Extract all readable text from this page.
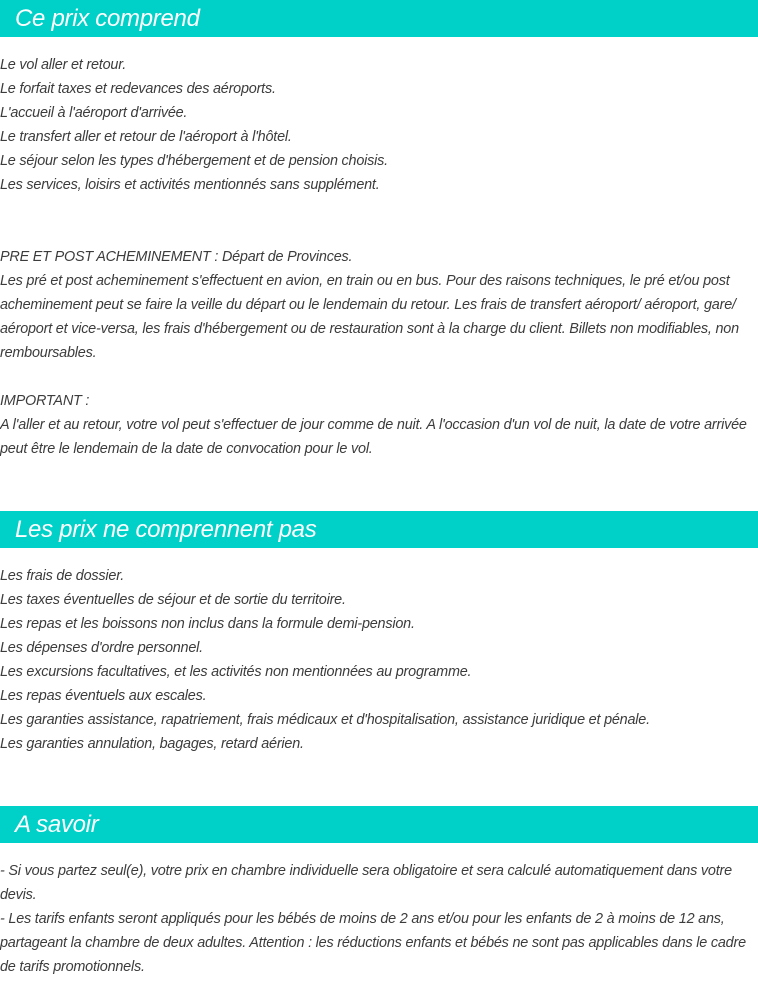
Ce prix comprend
Le vol aller et retour.
Le forfait taxes et redevances des aéroports.
L'accueil à l'aéroport d'arrivée.
Le transfert aller et retour de l'aéroport à l'hôtel.
Le séjour selon les types d'hébergement et de pension choisis.
Les services, loisirs et activités mentionnés sans supplément.
PRE ET POST ACHEMINEMENT : Départ de Provinces.
Les pré et post acheminement s'effectuent en avion, en train ou en bus. Pour des raisons techniques, le pré et/ou post acheminement peut se faire la veille du départ ou le lendemain du retour. Les frais de transfert aéroport/ aéroport, gare/ aéroport et vice-versa, les frais d'hébergement ou de restauration sont à la charge du client. Billets non modifiables, non remboursables.
IMPORTANT :
A l'aller et au retour, votre vol peut s'effectuer de jour comme de nuit. A l'occasion d'un vol de nuit, la date de votre arrivée peut être le lendemain de la date de convocation pour le vol.
Les prix ne comprennent pas
Les frais de dossier.
Les taxes éventuelles de séjour et de sortie du territoire.
Les repas et les boissons non inclus dans la formule demi-pension.
Les dépenses d'ordre personnel.
Les excursions facultatives, et les activités non mentionnées au programme.
Les repas éventuels aux escales.
Les garanties assistance, rapatriement, frais médicaux et d'hospitalisation, assistance juridique et pénale.
Les garanties annulation, bagages, retard aérien.
A savoir
- Si vous partez seul(e), votre prix en chambre individuelle sera obligatoire et sera calculé automatiquement dans votre devis.
- Les tarifs enfants seront appliqués pour les bébés de moins de 2 ans et/ou pour les enfants de 2 à moins de 12 ans, partageant la chambre de deux adultes. Attention : les réductions enfants et bébés ne sont pas applicables dans le cadre de tarifs promotionnels.
